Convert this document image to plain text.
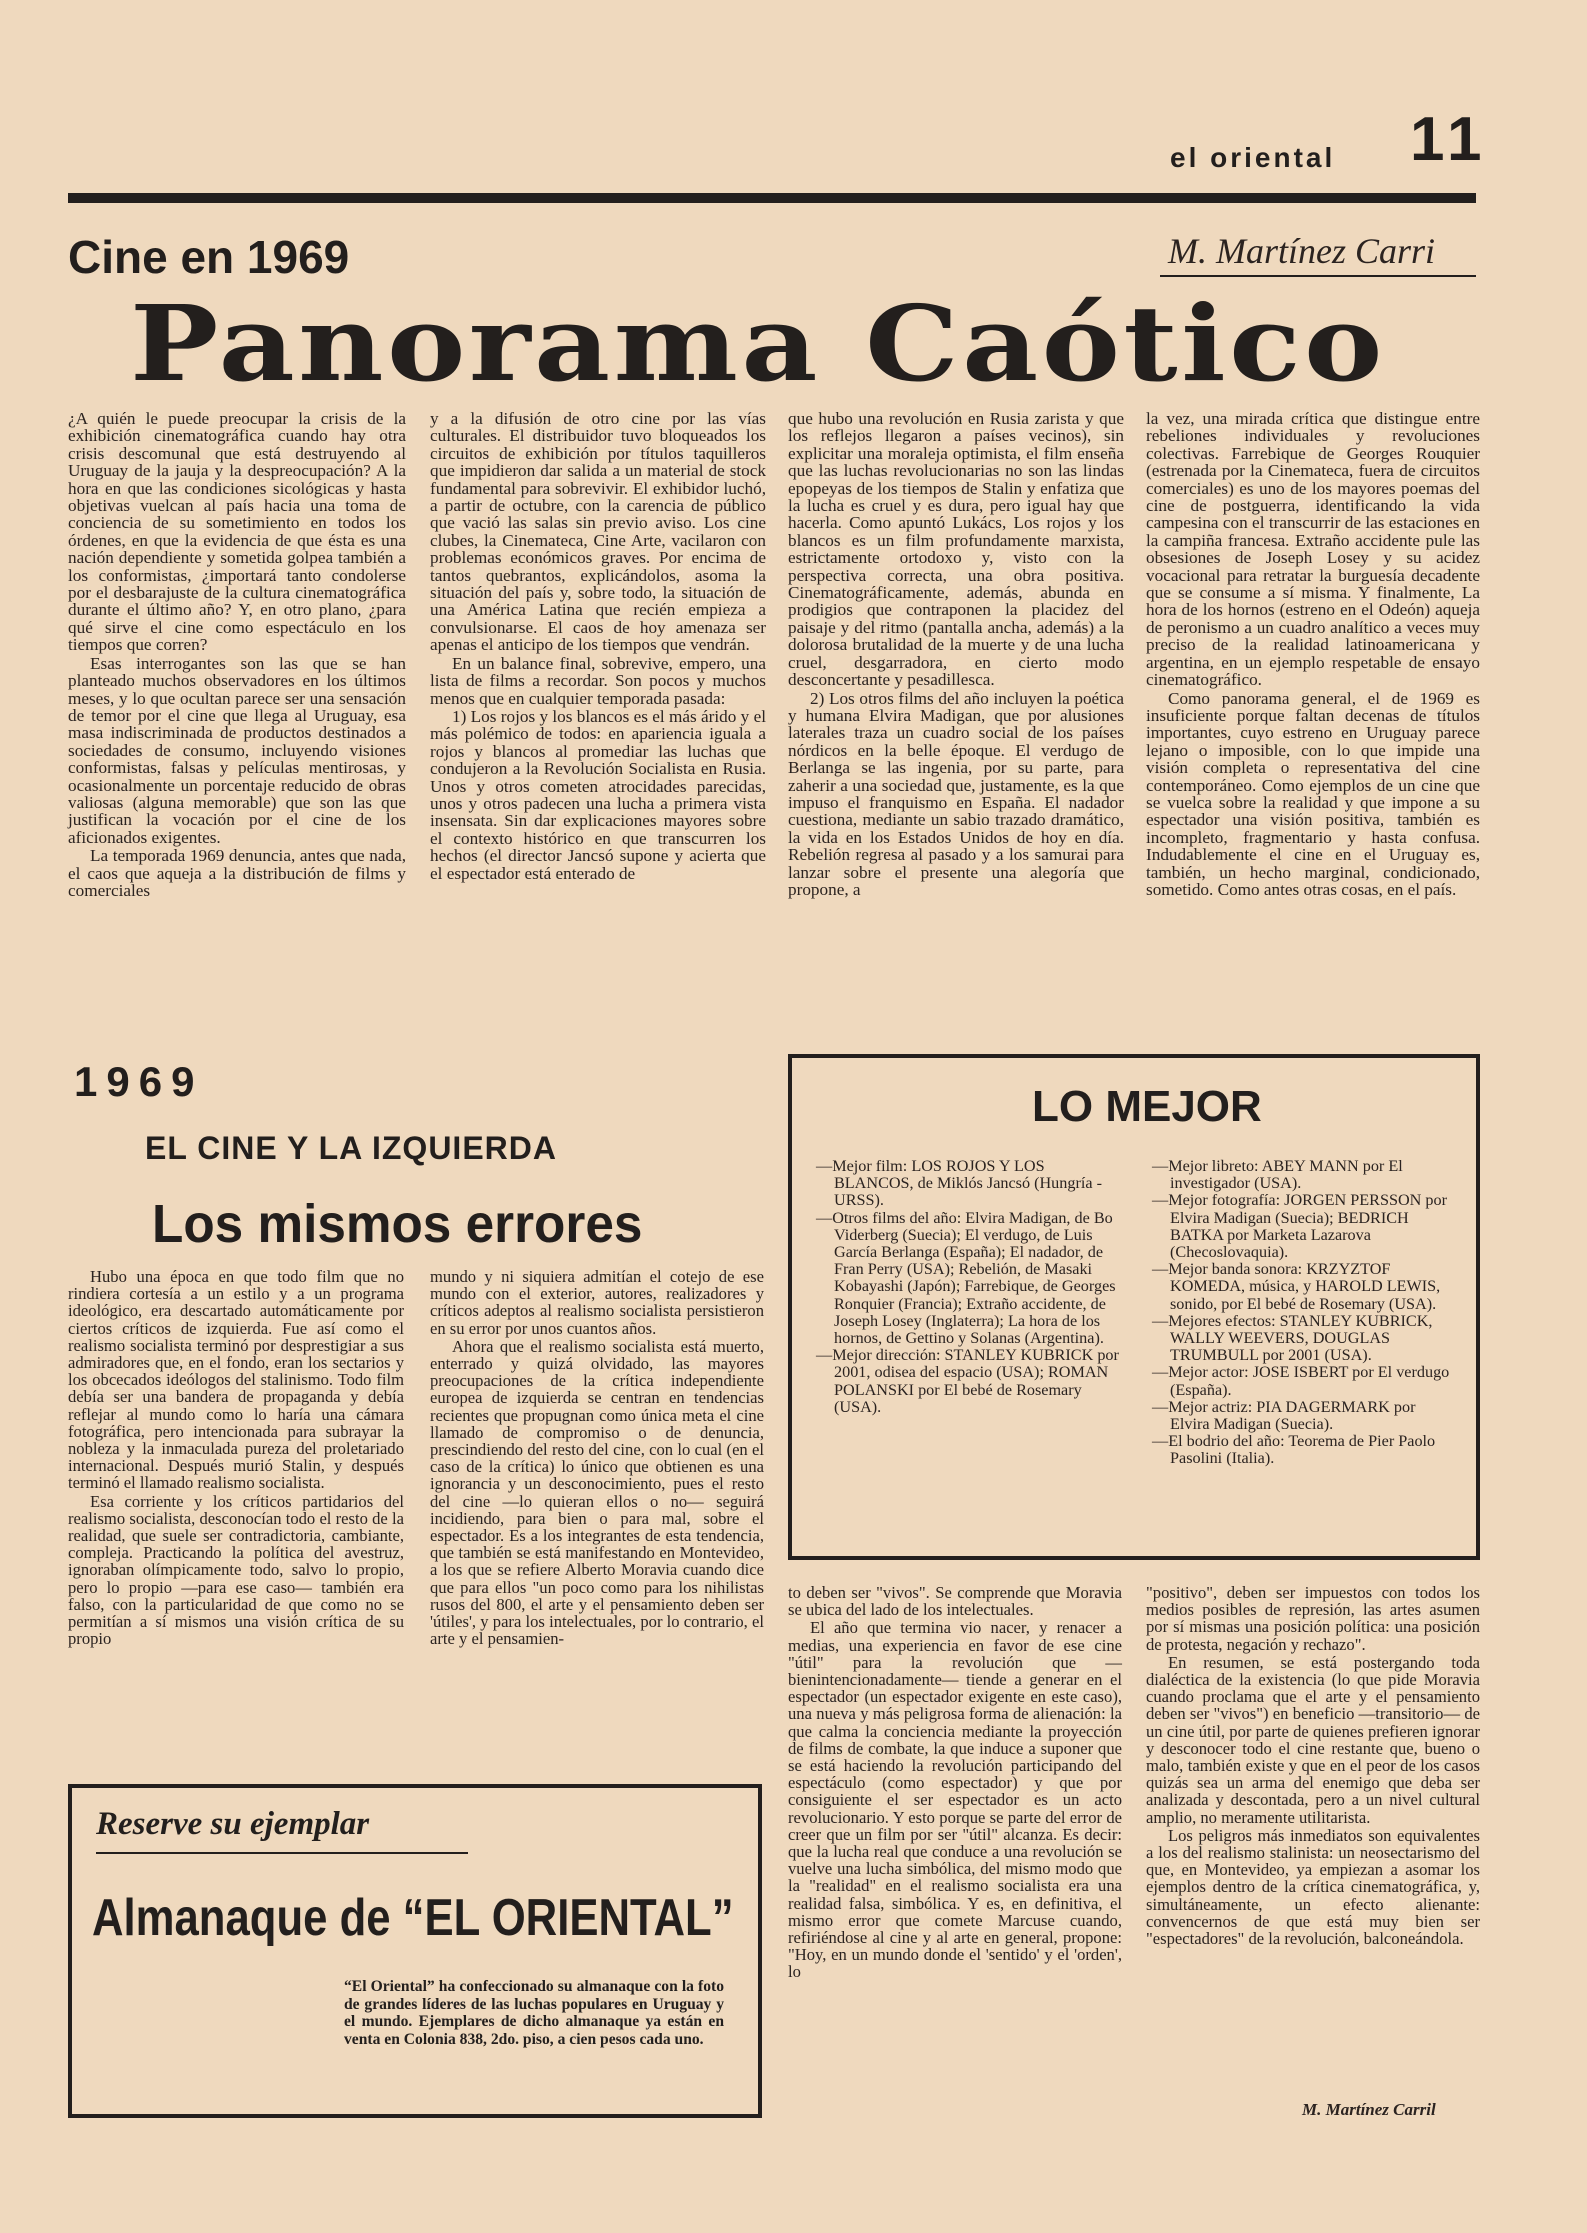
el oriental 11
Cine en 1969	M. Martínez Carri
Panorama Caótico

¿A quién le puede preocupar la crisis de la exhibición cinematográfica cuando hay otra crisis descomunal que está destruyendo al Uruguay de la jauja y la despreocupación? A la hora en que las condiciones sicológicas y hasta objetivas vuelcan al país hacia una toma de conciencia de su sometimiento en todos los órdenes, en que la evidencia de que ésta es una nación dependiente y sometida golpea también a los conformistas, ¿importará tanto condolerse por el desbarajuste de la cultura cinematográfica durante el último año? Y, en otro plano, ¿para qué sirve el cine como espectáculo en los tiempos que corren?

Esas interrogantes son las que se han planteado muchos observadores en los últimos meses, y lo que ocultan parece ser una sensación de temor por el cine que llega al Uruguay, esa masa indiscriminada de productos destinados a sociedades de consumo, incluyendo visiones conformistas, falsas y películas mentirosas, y ocasionalmente un porcentaje reducido de obras valiosas (alguna memorable) que son las que justifican la vocación por el cine de los aficionados exigentes.

La temporada 1969 denuncia, antes que nada, el caos que aqueja a la distribución de films y comerciales

y a la difusión de otro cine por las vías culturales. El distribuidor tuvo bloqueados los circuitos de exhibición por títulos taquilleros que impidieron dar salida a un material de stock fundamental para sobrevivir. El exhibidor luchó, a partir de octubre, con la carencia de público que vació las salas sin previo aviso. Los cine clubes, la Cinemateca, Cine Arte, vacilaron con problemas económicos graves. Por encima de tantos quebrantos, explicándolos, asoma la situación del país y, sobre todo, la situación de una América Latina que recién empieza a convulsionarse. El caos de hoy amenaza ser apenas el anticipo de los tiempos que vendrán.

En un balance final, sobrevive, empero, una lista de films a recordar. Son pocos y muchos menos que en cualquier temporada pasada:

1) Los rojos y los blancos es el más árido y el más polémico de todos: en apariencia iguala a rojos y blancos al promediar las luchas que condujeron a la Revolución Socialista en Rusia. Unos y otros cometen atrocidades parecidas, unos y otros padecen una lucha a primera vista insensata. Sin dar explicaciones mayores sobre el contexto histórico en que transcurren los hechos (el director Jancsó supone y acierta que el espectador está enterado de

que hubo una revolución en Rusia zarista y que los reflejos llegaron a países vecinos), sin explicitar una moraleja optimista, el film enseña que las luchas revolucionarias no son las lindas epopeyas de los tiempos de Stalin y enfatiza que la lucha es cruel y es dura, pero igual hay que hacerla. Como apuntó Lukács, Los rojos y los blancos es un film profundamente marxista, estrictamente ortodoxo y, visto con la perspectiva correcta, una obra positiva. Cinematográficamente, además, abunda en prodigios que contraponen la placidez del paisaje y del ritmo (pantalla ancha, además) a la dolorosa brutalidad de la muerte y de una lucha cruel, desgarradora, en cierto modo desconcertante y pesadillesca.

2) Los otros films del año incluyen la poética y humana Elvira Madigan, que por alusiones laterales traza un cuadro social de los países nórdicos en la belle époque. El verdugo de Berlanga se las ingenia, por su parte, para zaherir a una sociedad que, justamente, es la que impuso el franquismo en España. El nadador cuestiona, mediante un sabio trazado dramático, la vida en los Estados Unidos de hoy en día. Rebelión regresa al pasado y a los samurai para lanzar sobre el presente una alegoría que propone, a

la vez, una mirada crítica que distingue entre rebeliones individuales y revoluciones colectivas. Farrebique de Georges Rouquier (estrenada por la Cinemateca, fuera de circuitos comerciales) es uno de los mayores poemas del cine de postguerra, identificando la vida campesina con el transcurrir de las estaciones en la campiña francesa. Extraño accidente pule las obsesiones de Joseph Losey y su acidez vocacional para retratar la burguesía decadente que se consume a sí misma. Y finalmente, La hora de los hornos (estreno en el Odeón) aqueja de peronismo a un cuadro analítico a veces muy preciso de la realidad latinoamericana y argentina, en un ejemplo respetable de ensayo cinematográfico.

Como panorama general, el de 1969 es insuficiente porque faltan decenas de títulos importantes, cuyo estreno en Uruguay parece lejano o imposible, con lo que impide una visión completa o representativa del cine contemporáneo. Como ejemplos de un cine que se vuelca sobre la realidad y que impone a su espectador una visión positiva, también es incompleto, fragmentario y hasta confusa. Indudablemente el cine en el Uruguay es, también, un hecho marginal, condicionado, sometido. Como antes otras cosas, en el país.

1969
EL CINE Y LA IZQUIERDA
Los mismos errores

Hubo una época en que todo film que no rindiera cortesía a un estilo y a un programa ideológico, era descartado automáticamente por ciertos críticos de izquierda. Fue así como el realismo socialista terminó por desprestigiar a sus admiradores que, en el fondo, eran los sectarios y los obcecados ideólogos del stalinismo. Todo film debía ser una bandera de propaganda y debía reflejar al mundo como lo haría una cámara fotográfica, pero intencionada para subrayar la nobleza y la inmaculada pureza del proletariado internacional. Después murió Stalin, y después terminó el llamado realismo socialista.

Esa corriente y los críticos partidarios del realismo socialista, desconocían todo el resto de la realidad, que suele ser contradictoria, cambiante, compleja. Practicando la política del avestruz, ignoraban olímpicamente todo, salvo lo propio, pero lo propio —para ese caso— también era falso, con la particularidad de que como no se permitían a sí mismos una visión crítica de su propio

mundo y ni siquiera admitían el cotejo de ese mundo con el exterior, autores, realizadores y críticos adeptos al realismo socialista persistieron en su error por unos cuantos años.

Ahora que el realismo socialista está muerto, enterrado y quizá olvidado, las mayores preocupaciones de la crítica independiente europea de izquierda se centran en tendencias recientes que propugnan como única meta el cine llamado de compromiso o de denuncia, prescindiendo del resto del cine, con lo cual (en el caso de la crítica) lo único que obtienen es una ignorancia y un desconocimiento, pues el resto del cine —lo quieran ellos o no— seguirá incidiendo, para bien o para mal, sobre el espectador. Es a los integrantes de esta tendencia, que también se está manifestando en Montevideo, a los que se refiere Alberto Moravia cuando dice que para ellos "un poco como para los nihilistas rusos del 800, el arte y el pensamiento deben ser 'útiles', y para los intelectuales, por lo contrario, el arte y el pensamien-

to deben ser "vivos". Se comprende que Moravia se ubica del lado de los intelectuales.

El año que termina vio nacer, y renacer a medias, una experiencia en favor de ese cine "útil" para la revolución que —bienintencionadamente— tiende a generar en el espectador (un espectador exigente en este caso), una nueva y más peligrosa forma de alienación: la que calma la conciencia mediante la proyección de films de combate, la que induce a suponer que se está haciendo la revolución participando del espectáculo (como espectador) y que por consiguiente el ser espectador es un acto revolucionario. Y esto porque se parte del error de creer que un film por ser "útil" alcanza. Es decir: que la lucha real que conduce a una revolución se vuelve una lucha simbólica, del mismo modo que la "realidad" en el realismo socialista era una realidad falsa, simbólica. Y es, en definitiva, el mismo error que comete Marcuse cuando, refiriéndose al cine y al arte en general, propone: "Hoy, en un mundo donde el 'sentido' y el 'orden', lo

"positivo", deben ser impuestos con todos los medios posibles de represión, las artes asumen por sí mismas una posición política: una posición de protesta, negación y rechazo".

En resumen, se está postergando toda dialéctica de la existencia (lo que pide Moravia cuando proclama que el arte y el pensamiento deben ser "vivos") en beneficio —transitorio— de un cine útil, por parte de quienes prefieren ignorar y desconocer todo el cine restante que, bueno o malo, también existe y que en el peor de los casos quizás sea un arma del enemigo que deba ser analizada y descontada, pero a un nivel cultural amplio, no meramente utilitarista.

Los peligros más inmediatos son equivalentes a los del realismo stalinista: un neosectarismo del que, en Montevideo, ya empiezan a asomar los ejemplos dentro de la crítica cinematográfica, y, simultáneamente, un efecto alienante: convencernos de que está muy bien ser "espectadores" de la revolución, balconeándola.

M. Martínez Carril
LO MEJOR
—Mejor film: LOS ROJOS Y LOS BLANCOS, de Miklós Jancsó (Hungría - URSS).
—Otros films del año: Elvira Madigan, de Bo Viderberg (Suecia); El verdugo, de Luis García Berlanga (España); El nadador, de Fran Perry (USA); Rebelión, de Masaki Kobayashi (Japón); Farrebique, de Georges Ronquier (Francia); Extraño accidente, de Joseph Losey (Inglaterra); La hora de los hornos, de Gettino y Solanas (Argentina).
—Mejor dirección: STANLEY KUBRICK por 2001, odisea del espacio (USA); ROMAN POLANSKI por El bebé de Rosemary (USA).
—Mejor libreto: ABEY MANN por El investigador (USA).
—Mejor fotografía: JORGEN PERSSON por Elvira Madigan (Suecia); BEDRICH BATKA por Marketa Lazarova (Checoslovaquia).
—Mejor banda sonora: KRZYZTOF KOMEDA, música, y HAROLD LEWIS, sonido, por El bebé de Rosemary (USA).
—Mejores efectos: STANLEY KUBRICK, WALLY WEEVERS, DOUGLAS TRUMBULL por 2001 (USA).
—Mejor actor: JOSE ISBERT por El verdugo (España).
—Mejor actriz: PIA DAGERMARK por Elvira Madigan (Suecia).
—El bodrio del año: Teorema de Pier Paolo Pasolini (Italia).
Reserve su ejemplar
Almanaque de “EL ORIENTAL”
“El Oriental” ha confeccionado su almanaque con la foto de grandes líderes de las luchas populares en Uruguay y el mundo. Ejemplares de dicho almanaque ya están en venta en Colonia 838, 2do. piso, a cien pesos cada uno.
